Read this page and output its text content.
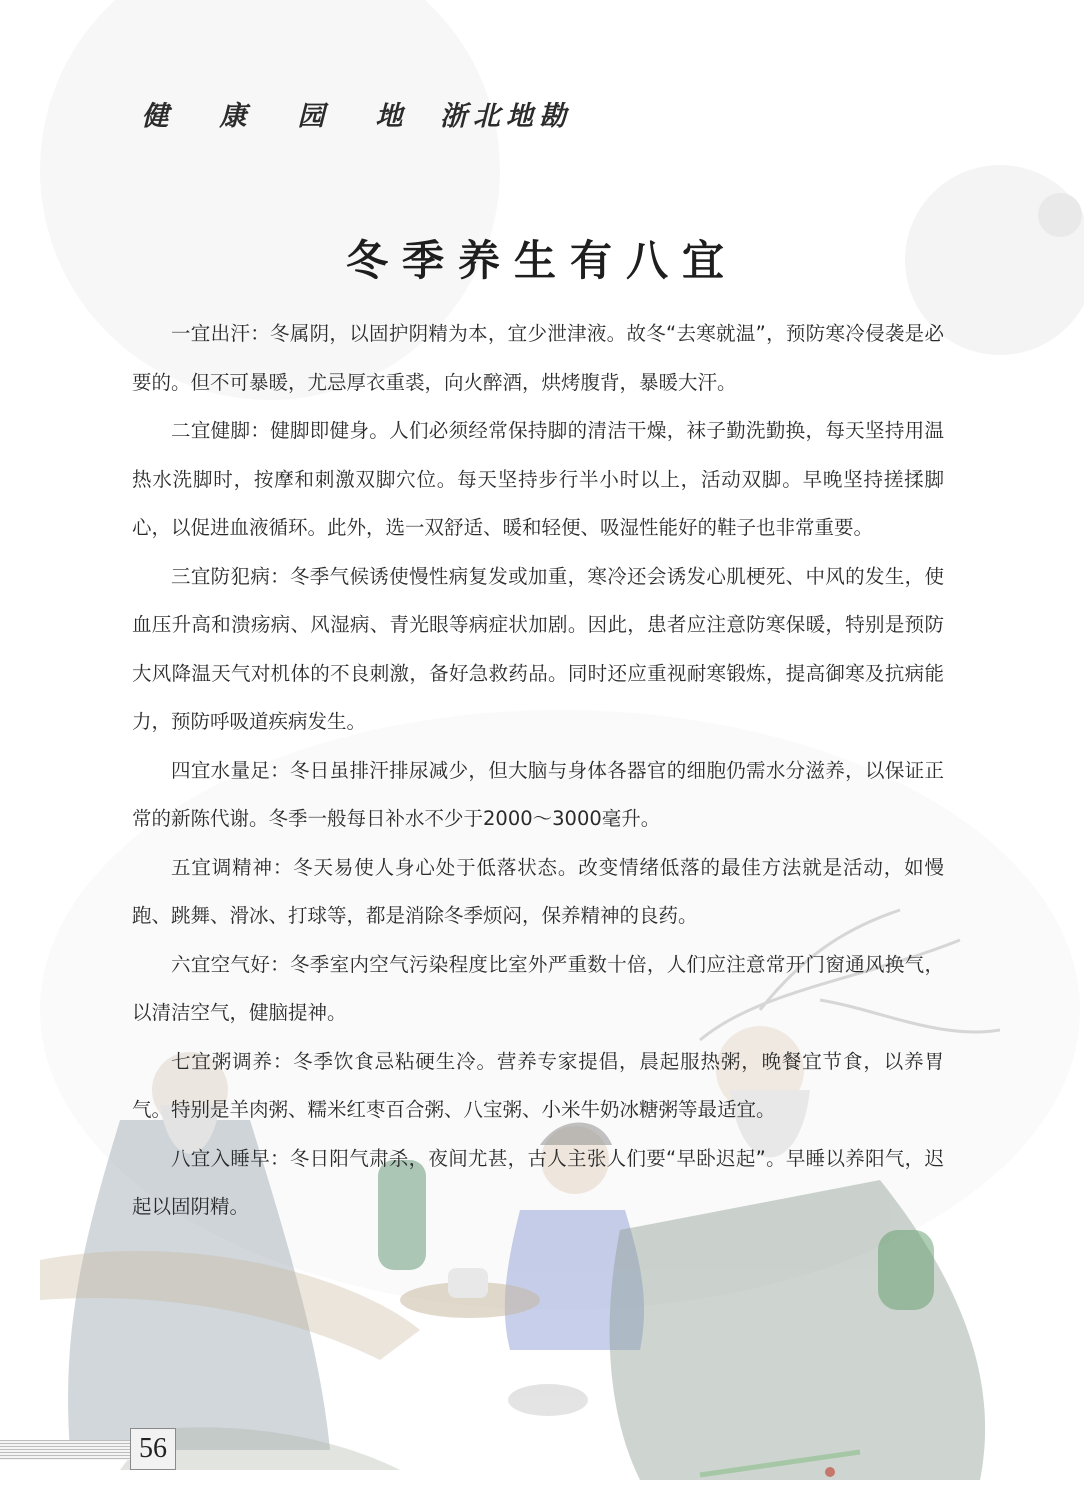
健 康 园 地 浙北地勘
冬季养生有八宜

一宜出汗：冬属阴，以固护阴精为本，宜少泄津液。故冬“去寒就温”，预防寒冷侵袭是必要的。但不可暴暖，尤忌厚衣重裘，向火醉酒，烘烤腹背，暴暖大汗。

二宜健脚：健脚即健身。人们必须经常保持脚的清洁干燥，袜子勤洗勤换，每天坚持用温热水洗脚时，按摩和刺激双脚穴位。每天坚持步行半小时以上，活动双脚。早晚坚持搓揉脚心，以促进血液循环。此外，选一双舒适、暖和轻便、吸湿性能好的鞋子也非常重要。

三宜防犯病：冬季气候诱使慢性病复发或加重，寒冷还会诱发心肌梗死、中风的发生，使血压升高和溃疡病、风湿病、青光眼等病症状加剧。因此，患者应注意防寒保暖，特别是预防大风降温天气对机体的不良刺激，备好急救药品。同时还应重视耐寒锻炼，提高御寒及抗病能力，预防呼吸道疾病发生。

四宜水量足：冬日虽排汗排尿减少，但大脑与身体各器官的细胞仍需水分滋养，以保证正常的新陈代谢。冬季一般每日补水不少于2000～3000毫升。

五宜调精神：冬天易使人身心处于低落状态。改变情绪低落的最佳方法就是活动，如慢跑、跳舞、滑冰、打球等，都是消除冬季烦闷，保养精神的良药。

六宜空气好：冬季室内空气污染程度比室外严重数十倍，人们应注意常开门窗通风换气，以清洁空气，健脑提神。

七宜粥调养：冬季饮食忌粘硬生冷。营养专家提倡，晨起服热粥，晚餐宜节食，以养胃气。特别是羊肉粥、糯米红枣百合粥、八宝粥、小米牛奶冰糖粥等最适宜。

八宜入睡早：冬日阳气肃杀，夜间尤甚，古人主张人们要“早卧迟起”。早睡以养阳气，迟起以固阴精。

56
